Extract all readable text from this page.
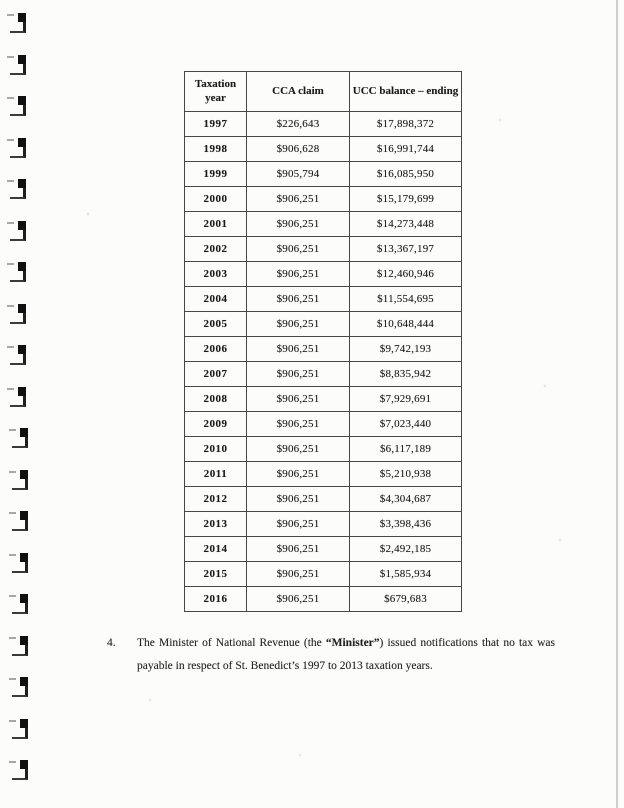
Taxation year	CCA claim	UCC balance – ending
1997	$226,643	$17,898,372
1998	$906,628	$16,991,744
1999	$905,794	$16,085,950
2000	$906,251	$15,179,699
2001	$906,251	$14,273,448
2002	$906,251	$13,367,197
2003	$906,251	$12,460,946
2004	$906,251	$11,554,695
2005	$906,251	$10,648,444
2006	$906,251	$9,742,193
2007	$906,251	$8,835,942
2008	$906,251	$7,929,691
2009	$906,251	$7,023,440
2010	$906,251	$6,117,189
2011	$906,251	$5,210,938
2012	$906,251	$4,304,687
2013	$906,251	$3,398,436
2014	$906,251	$2,492,185
2015	$906,251	$1,585,934
2016	$906,251	$679,683
4.	The Minister of National Revenue (the “Minister”) issued notifications that no tax was payable in respect of St. Benedict’s 1997 to 2013 taxation years.
